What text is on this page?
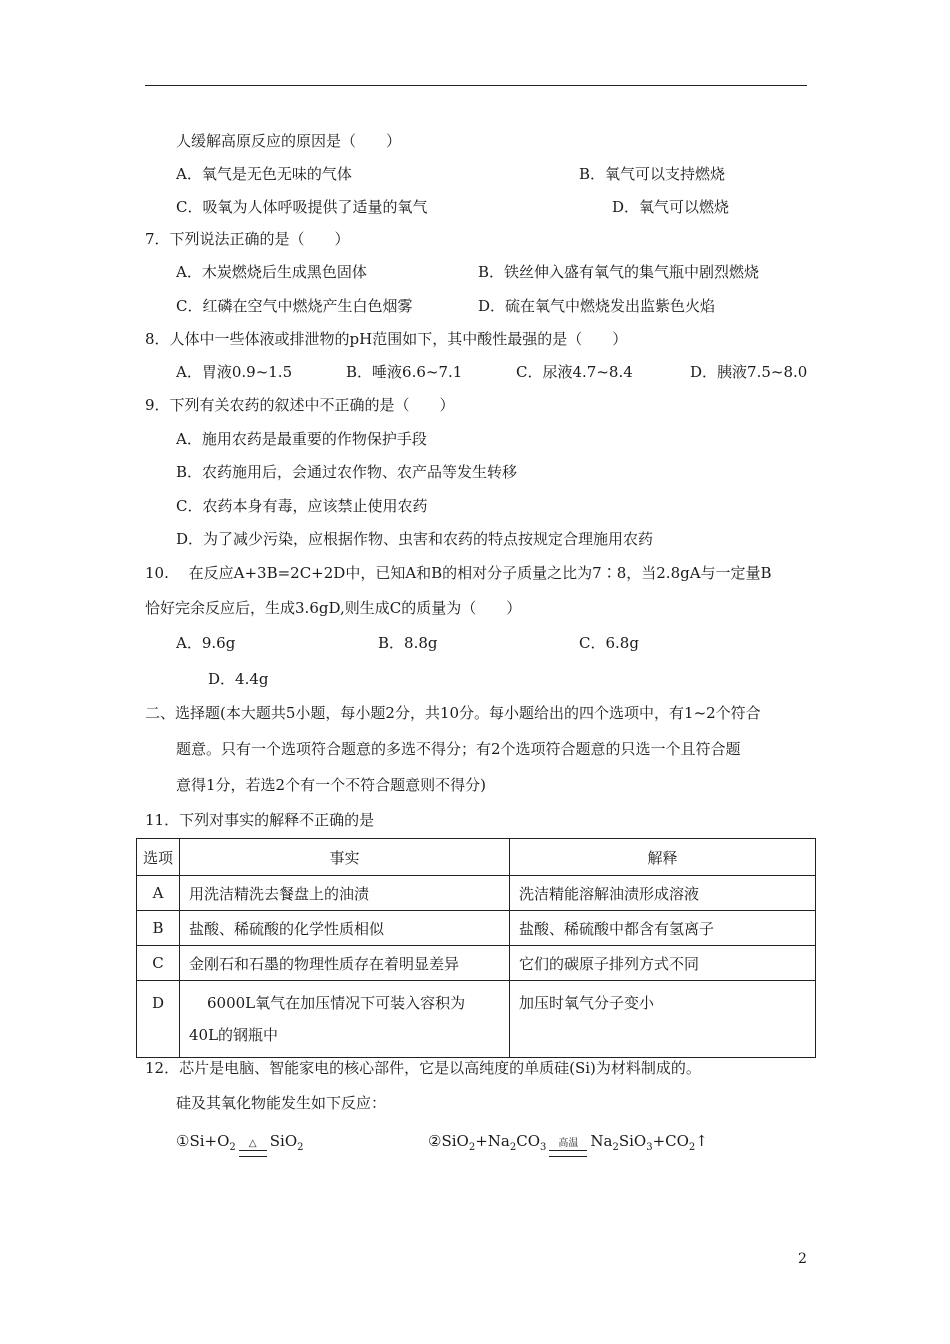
人缓解高原反应的原因是（　　）
A．氧气是无色无味的气体	B．氧气可以支持燃烧
C．吸氧为人体呼吸提供了适量的氧气	D．氧气可以燃烧
7．下列说法正确的是（　　）
A．木炭燃烧后生成黑色固体	B．铁丝伸入盛有氧气的集气瓶中剧烈燃烧
C．红磷在空气中燃烧产生白色烟雾	D．硫在氧气中燃烧发出监紫色火焰
8．人体中一些体液或排泄物的pH范围如下，其中酸性最强的是（　　）
A．胃液0.9~1.5	B．唾液6.6~7.1	C．尿液4.7~8.4	D．胰液7.5~8.0
9．下列有关农药的叙述中不正确的是（　　）
A．施用农药是最重要的作物保护手段
B．农药施用后，会通过农作物、农产品等发生转移
C．农药本身有毒，应该禁止使用农药
D．为了减少污染，应根据作物、虫害和农药的特点按规定合理施用农药
10.　 在反应A+3B=2C+2D中，已知A和B的相对分子质量之比为7∶8，当2.8gA与一定量B
恰好完余反应后，生成3.6gD,则生成C的质量为（　　）
A．9.6g	B．8.8g	C．6.8g
D．4.4g
二、选择题(本大题共5小题，每小题2分，共10分。每小题给出的四个选项中，有1~2个符合
题意。只有一个选项符合题意的多选不得分；有2个选项符合题意的只选一个且符合题
意得1分，若选2个有一个不符合题意则不得分)
11．下列对事实的解释不正确的是
选项	事实	解释
A	用洗洁精洗去餐盘上的油渍	洗洁精能溶解油渍形成溶液
B	盐酸、稀硫酸的化学性质相似	盐酸、稀硫酸中都含有氢离子
C	金刚石和石墨的物理性质存在着明显差异	它们的碳原子排列方式不同
D	6000L氧气在加压情况下可装入容积为
40L的钢瓶中	加压时氧气分子变小
12．芯片是电脑、智能家电的核心部件，它是以高纯度的单质硅(Si)为材料制成的。
硅及其氧化物能发生如下反应：
$①Si+O_2$	△ SiO$_2$	$②SiO_2+Na_2CO_3$	高温 $Na_2SiO_3+CO_2↑$
2
